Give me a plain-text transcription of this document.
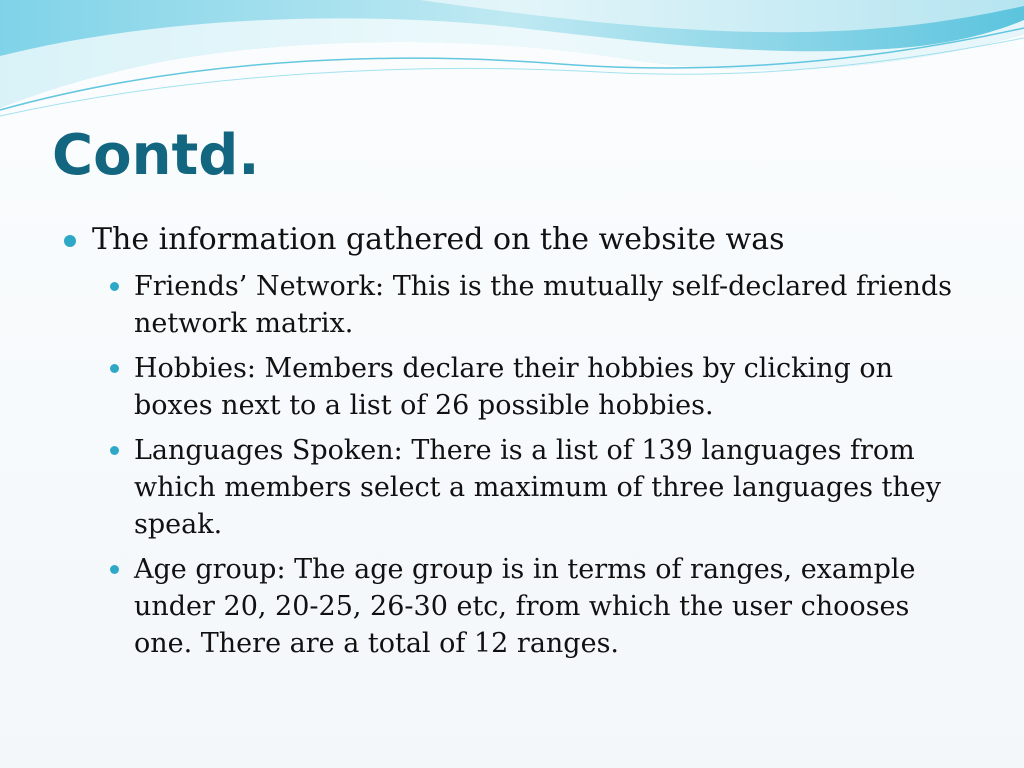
Contd.
The information gathered on the website was
Friends’ Network: This is the mutually self-declared friends network matrix.
Hobbies: Members declare their hobbies by clicking on boxes next to a list of 26 possible hobbies.
Languages Spoken: There is a list of 139 languages from which members select a maximum of three languages they speak.
Age group: The age group is in terms of ranges, example under 20, 20-25, 26-30 etc, from which the user chooses one. There are a total of 12 ranges.
